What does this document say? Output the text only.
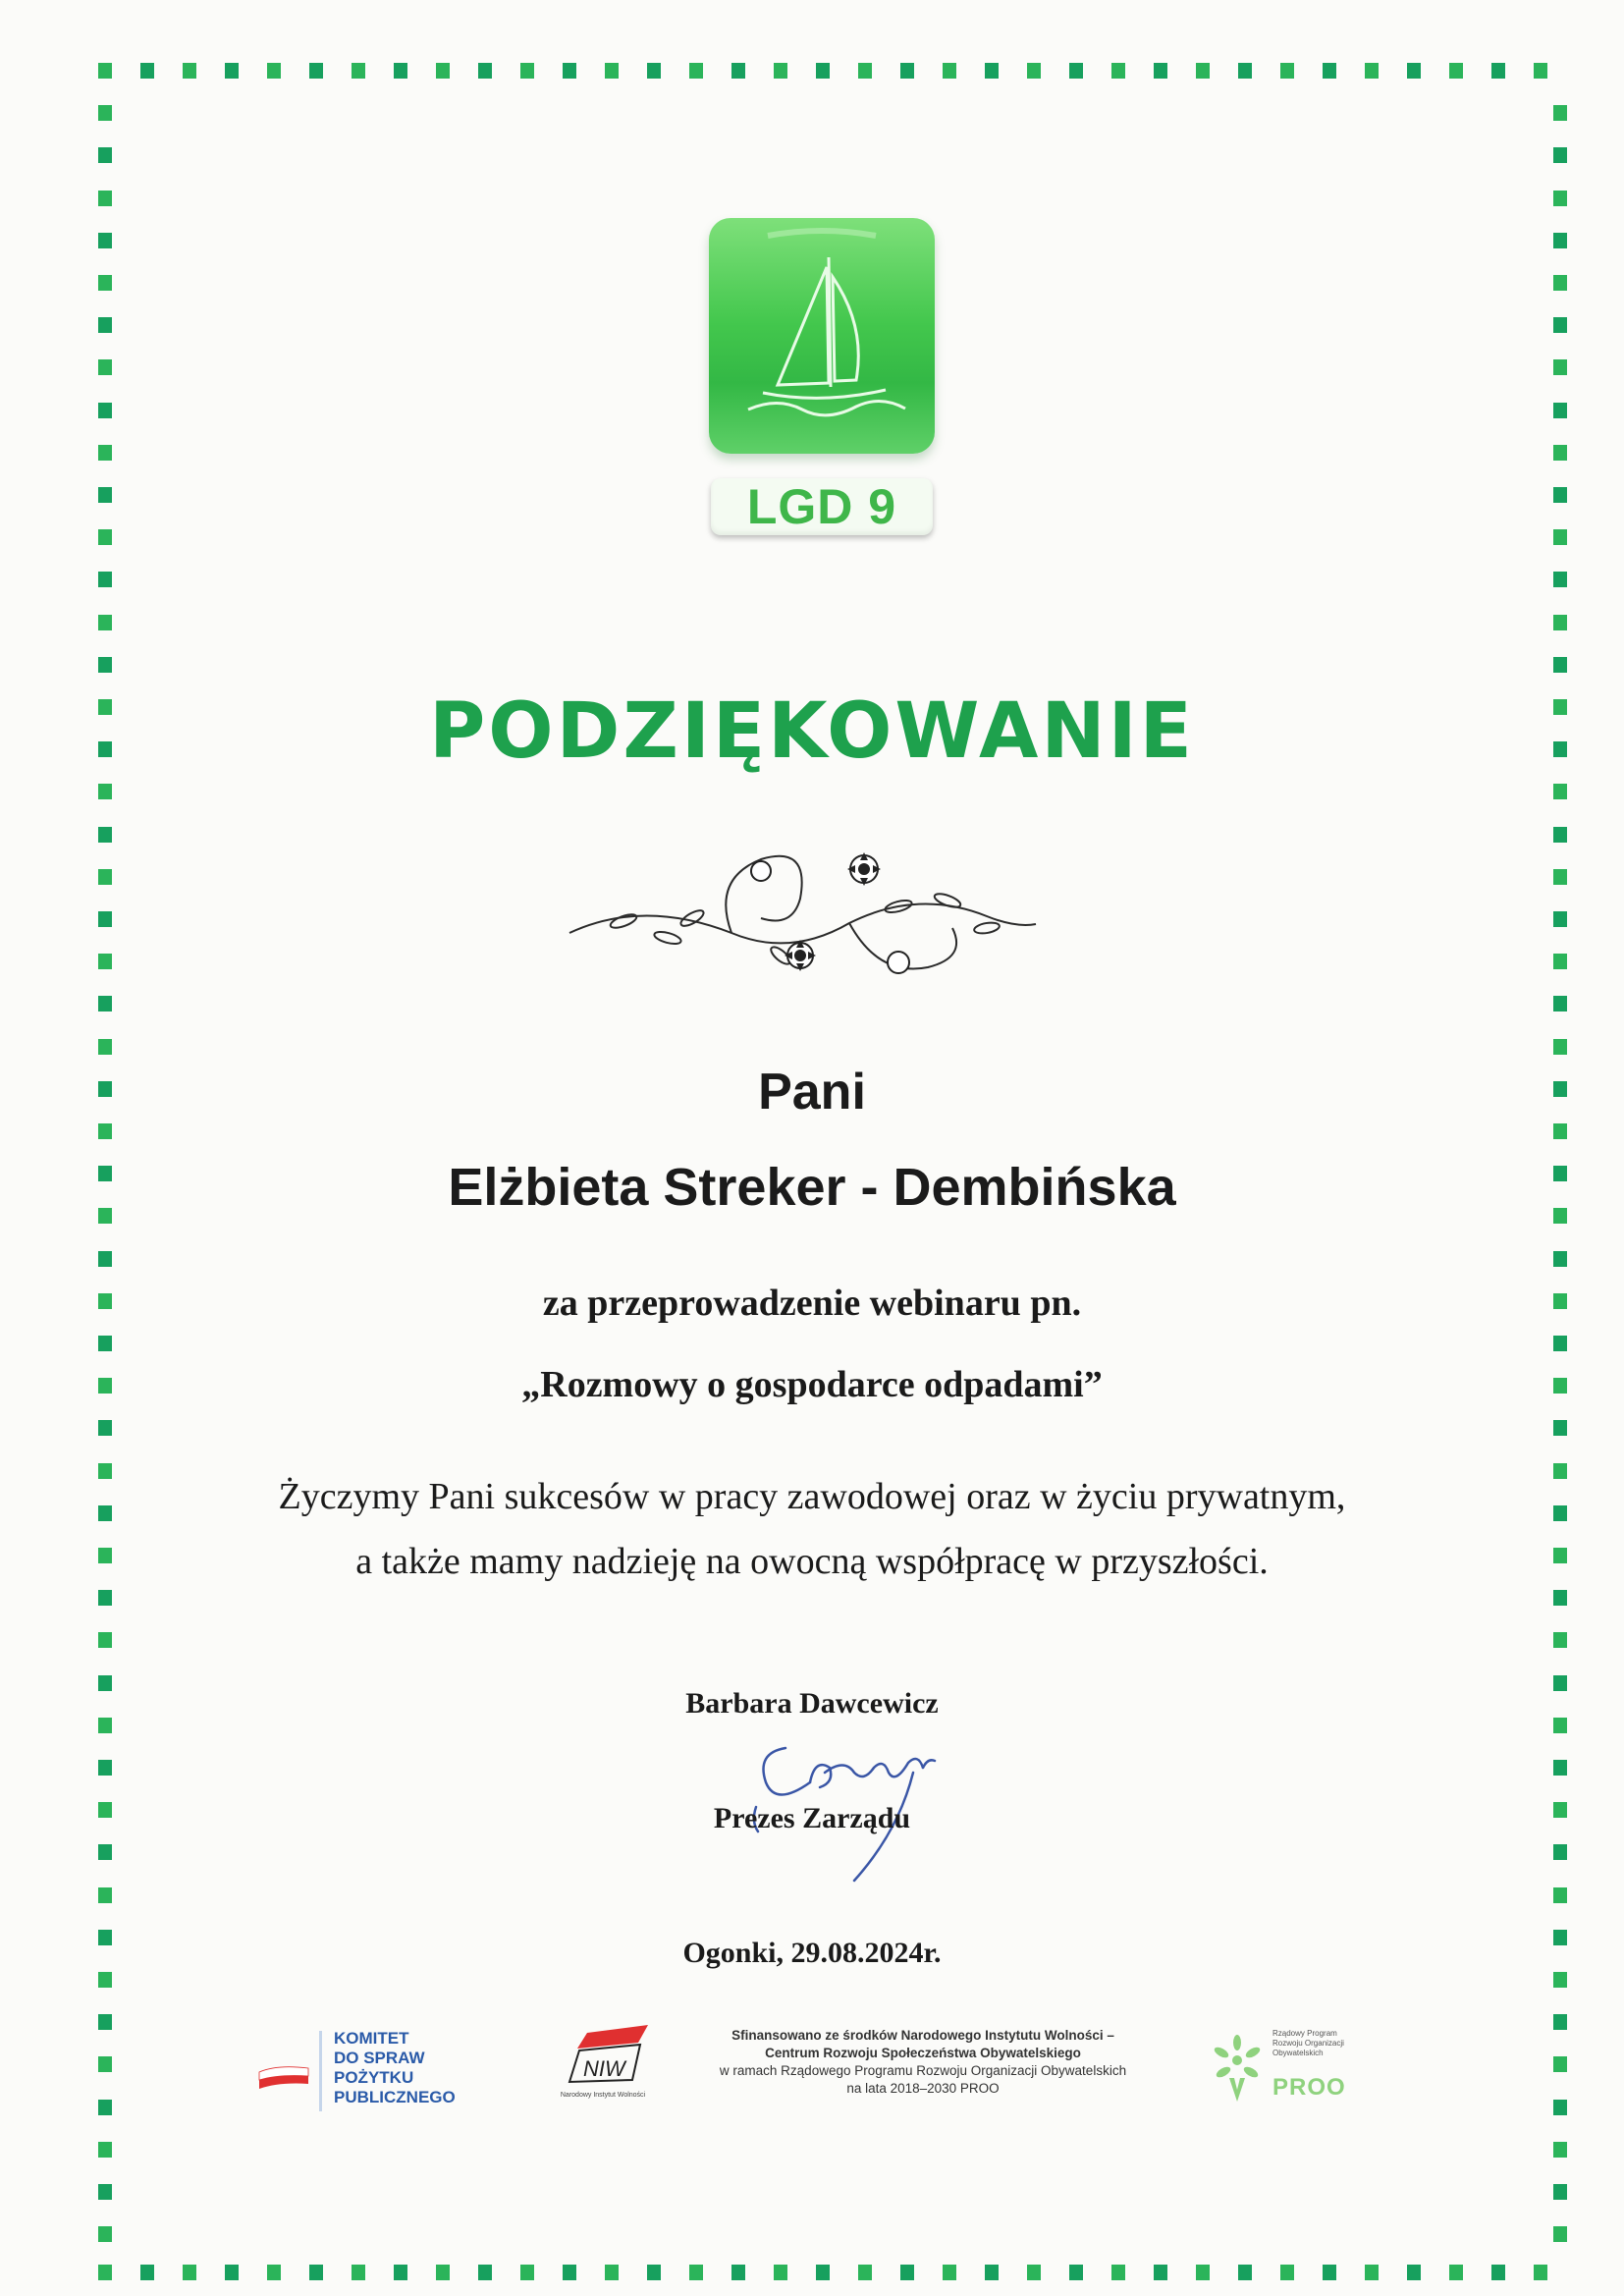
LGD 9
PODZIĘKOWANIE
Pani
Elżbieta Streker - Dembińska
za przeprowadzenie webinaru pn.
„Rozmowy o gospodarce odpadami”
Życzymy Pani sukcesów w pracy zawodowej oraz w życiu prywatnym,
a także mamy nadzieję na owocną współpracę w przyszłości.
Barbara Dawcewicz
Prezes Zarządu
Ogonki, 29.08.2024r.
KOMITET
DO SPRAW
POŻYTKU
PUBLICZNEGO
NIW
Narodowy Instytut Wolności
Sfinansowano ze środków Narodowego Instytutu Wolności –
Centrum Rozwoju Społeczeństwa Obywatelskiego
w ramach Rządowego Programu Rozwoju Organizacji Obywatelskich
na lata 2018–2030 PROO
Rządowy Program
Rozwoju Organizacji
Obywatelskich
PROO
